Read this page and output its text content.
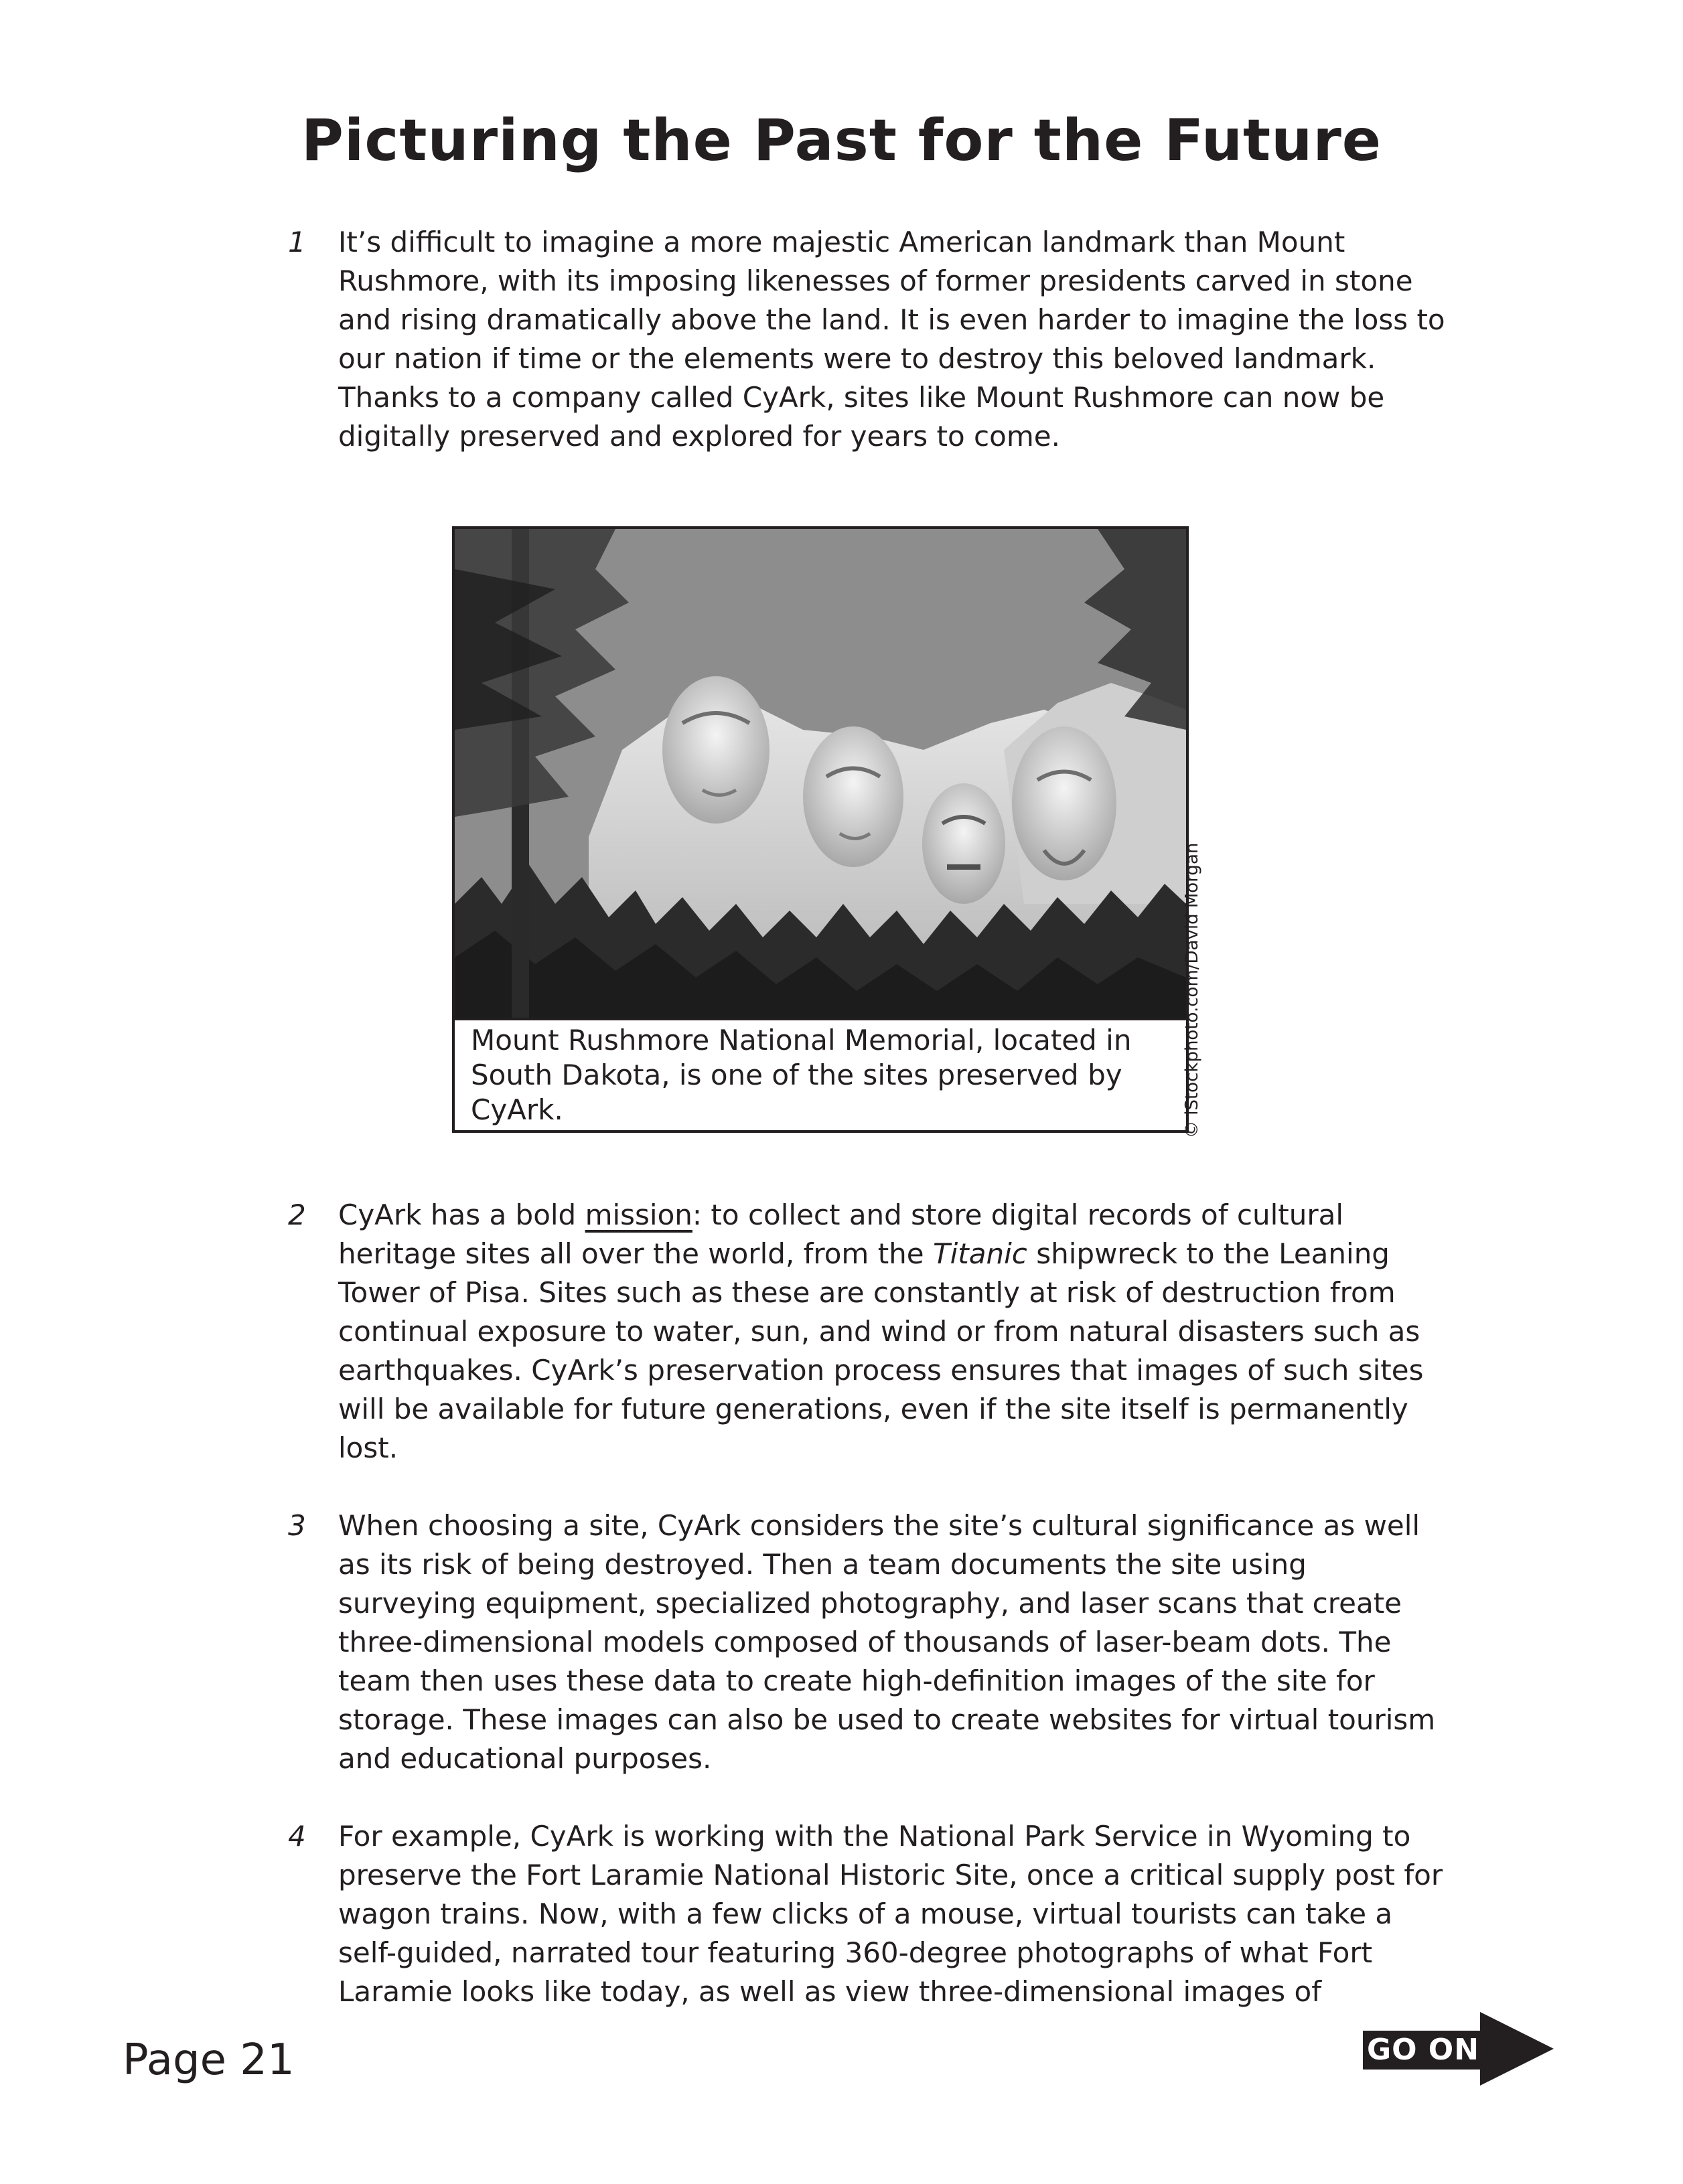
Picturing the Past for the Future
1 It’s difficult to imagine a more majestic American landmark than Mount Rushmore, with its imposing likenesses of former presidents carved in stone and rising dramatically above the land. It is even harder to imagine the loss to our nation if time or the elements were to destroy this beloved landmark. Thanks to a company called CyArk, sites like Mount Rushmore can now be digitally preserved and explored for years to come.
Mount Rushmore National Memorial, located in South Dakota, is one of the sites preserved by CyArk.	© iStockphoto.com/David Morgan
2 CyArk has a bold mission: to collect and store digital records of cultural heritage sites all over the world, from the Titanic shipwreck to the Leaning Tower of Pisa. Sites such as these are constantly at risk of destruction from continual exposure to water, sun, and wind or from natural disasters such as earthquakes. CyArk’s preservation process ensures that images of such sites will be available for future generations, even if the site itself is permanently lost.
3 When choosing a site, CyArk considers the site’s cultural significance as well as its risk of being destroyed. Then a team documents the site using surveying equipment, specialized photography, and laser scans that create three-dimensional models composed of thousands of laser-beam dots. The team then uses these data to create high-definition images of the site for storage. These images can also be used to create websites for virtual tourism and educational purposes.
4 For example, CyArk is working with the National Park Service in Wyoming to preserve the Fort Laramie National Historic Site, once a critical supply post for wagon trains. Now, with a few clicks of a mouse, virtual tourists can take a self-guided, narrated tour featuring 360-degree photographs of what Fort Laramie looks like today, as well as view three-dimensional images of
Page 21	GO ON
